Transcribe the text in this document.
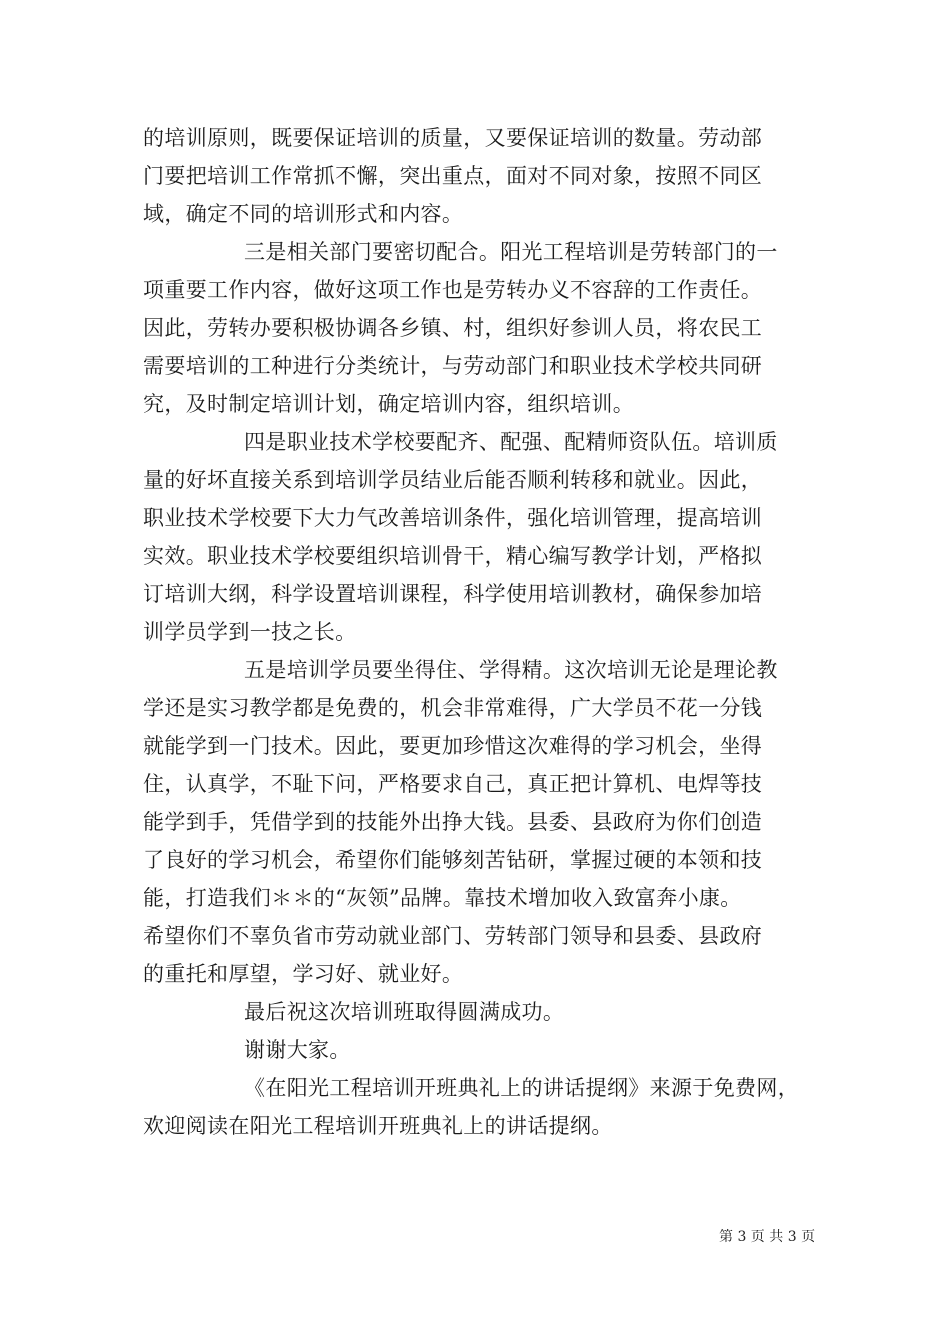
的培训原则，既要保证培训的质量，又要保证培训的数量。劳动部
门要把培训工作常抓不懈，突出重点，面对不同对象，按照不同区
域，确定不同的培训形式和内容。
三是相关部门要密切配合。阳光工程培训是劳转部门的一
项重要工作内容，做好这项工作也是劳转办义不容辞的工作责任。
因此，劳转办要积极协调各乡镇、村，组织好参训人员，将农民工
需要培训的工种进行分类统计，与劳动部门和职业技术学校共同研
究，及时制定培训计划，确定培训内容，组织培训。
四是职业技术学校要配齐、配强、配精师资队伍。培训质
量的好坏直接关系到培训学员结业后能否顺利转移和就业。因此，
职业技术学校要下大力气改善培训条件，强化培训管理，提高培训
实效。职业技术学校要组织培训骨干，精心编写教学计划，严格拟
订培训大纲，科学设置培训课程，科学使用培训教材，确保参加培
训学员学到一技之长。
五是培训学员要坐得住、学得精。这次培训无论是理论教
学还是实习教学都是免费的，机会非常难得，广大学员不花一分钱
就能学到一门技术。因此，要更加珍惜这次难得的学习机会，坐得
住，认真学，不耻下问，严格要求自己，真正把计算机、电焊等技
能学到手，凭借学到的技能外出挣大钱。县委、县政府为你们创造
了良好的学习机会，希望你们能够刻苦钻研，掌握过硬的本领和技
能，打造我们＊＊的“灰领”品牌。靠技术增加收入致富奔小康。
希望你们不辜负省市劳动就业部门、劳转部门领导和县委、县政府
的重托和厚望，学习好、就业好。
最后祝这次培训班取得圆满成功。
谢谢大家。
《在阳光工程培训开班典礼上的讲话提纲》来源于免费网，
欢迎阅读在阳光工程培训开班典礼上的讲话提纲。
第 3 页 共 3 页
